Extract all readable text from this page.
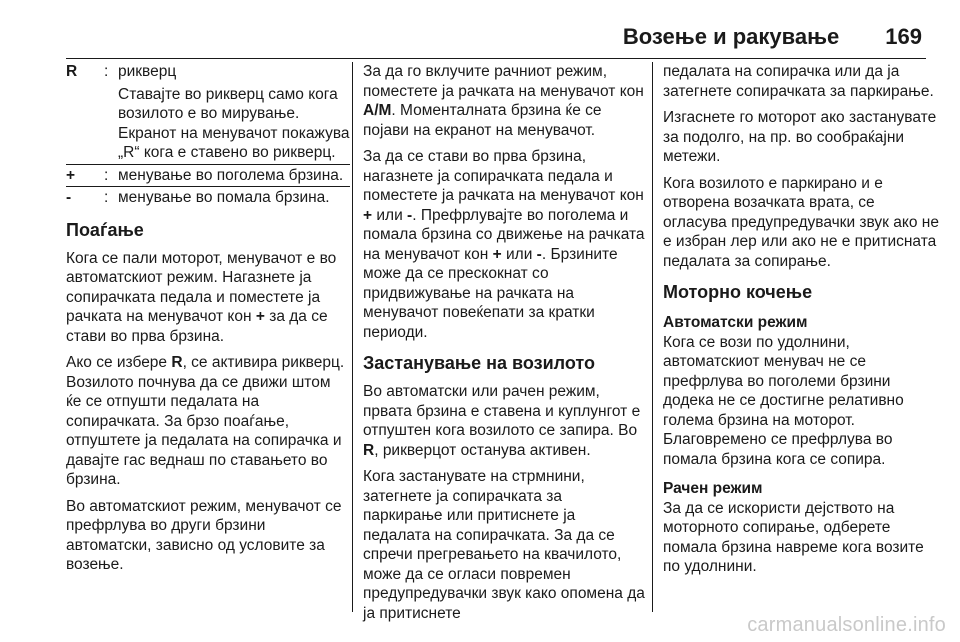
Возење и ракување 169
R	: рикверц
Ставајте во рикверц само кога возилото е во мирување. Екранот на менувачот покажува „R“ кога е ставено во рикверц.
+	: менување во поголема брзина.
-	: менување во помала брзина.
Поаѓање

Кога се пали моторот, менувачот е во автоматскиот режим. Нагазнете ја сопирачката педала и поместете ја рачката на менувачот кон + за да се стави во прва брзина.

Ако се избере R, се активира рикверц. Возилото почнува да се движи штом ќе се отпушти педалата на сопирачката. За брзо поаѓање, отпуштете ја педалата на сопирачка и давајте гас веднаш по ставањето во брзина.

Во автоматскиот режим, менувачот се префрлува во други брзини автоматски, зависно од условите за возење.

За да го вклучите рачниот режим, поместете ја рачката на менувачот кон A/M. Моменталната брзина ќе се појави на екранот на менувачот.

За да се стави во прва брзина, нагазнете ја сопирачката педала и поместете ја рачката на менувачот кон + или -. Префрлувајте во поголема и помала брзина со движење на рачката на менувачот кон + или -. Брзините може да се прескокнат со придвижување на рачката на менувачот повеќепати за кратки периоди.

Застанување на возилото

Во автоматски или рачен режим, првата брзина е ставена и куплунгот е отпуштен кога возилото се запира. Во R, рикверцот останува активен.

Кога застанувате на стрмнини, затегнете ја сопирачката за паркирање или притиснете ја педалата на сопирачката. За да се спречи прегревањето на квачилото, може да се огласи повремен предупредувачки звук како опомена да ја притиснете

педалата на сопирачка или да ја затегнете сопирачката за паркирање.

Изгаснете го моторот ако застанувате за подолго, на пр. во сообраќајни метежи.

Кога возилото е паркирано и е отворена возачката врата, се огласува предупредувачки звук ако не е избран лер или ако не е притисната педалата за сопирање.

Моторно кочење
Автоматски режим

Кога се вози по удолнини, автоматскиот менувач не се префрлува во поголеми брзини додека не се достигне релативно голема брзина на моторот. Благовремено се префрлува во помала брзина кога се сопира.

Рачен режим

За да се искористи дејството на моторното сопирање, одберете помала брзина навреме кога возите по удолнини.

carmanualsonline.info
